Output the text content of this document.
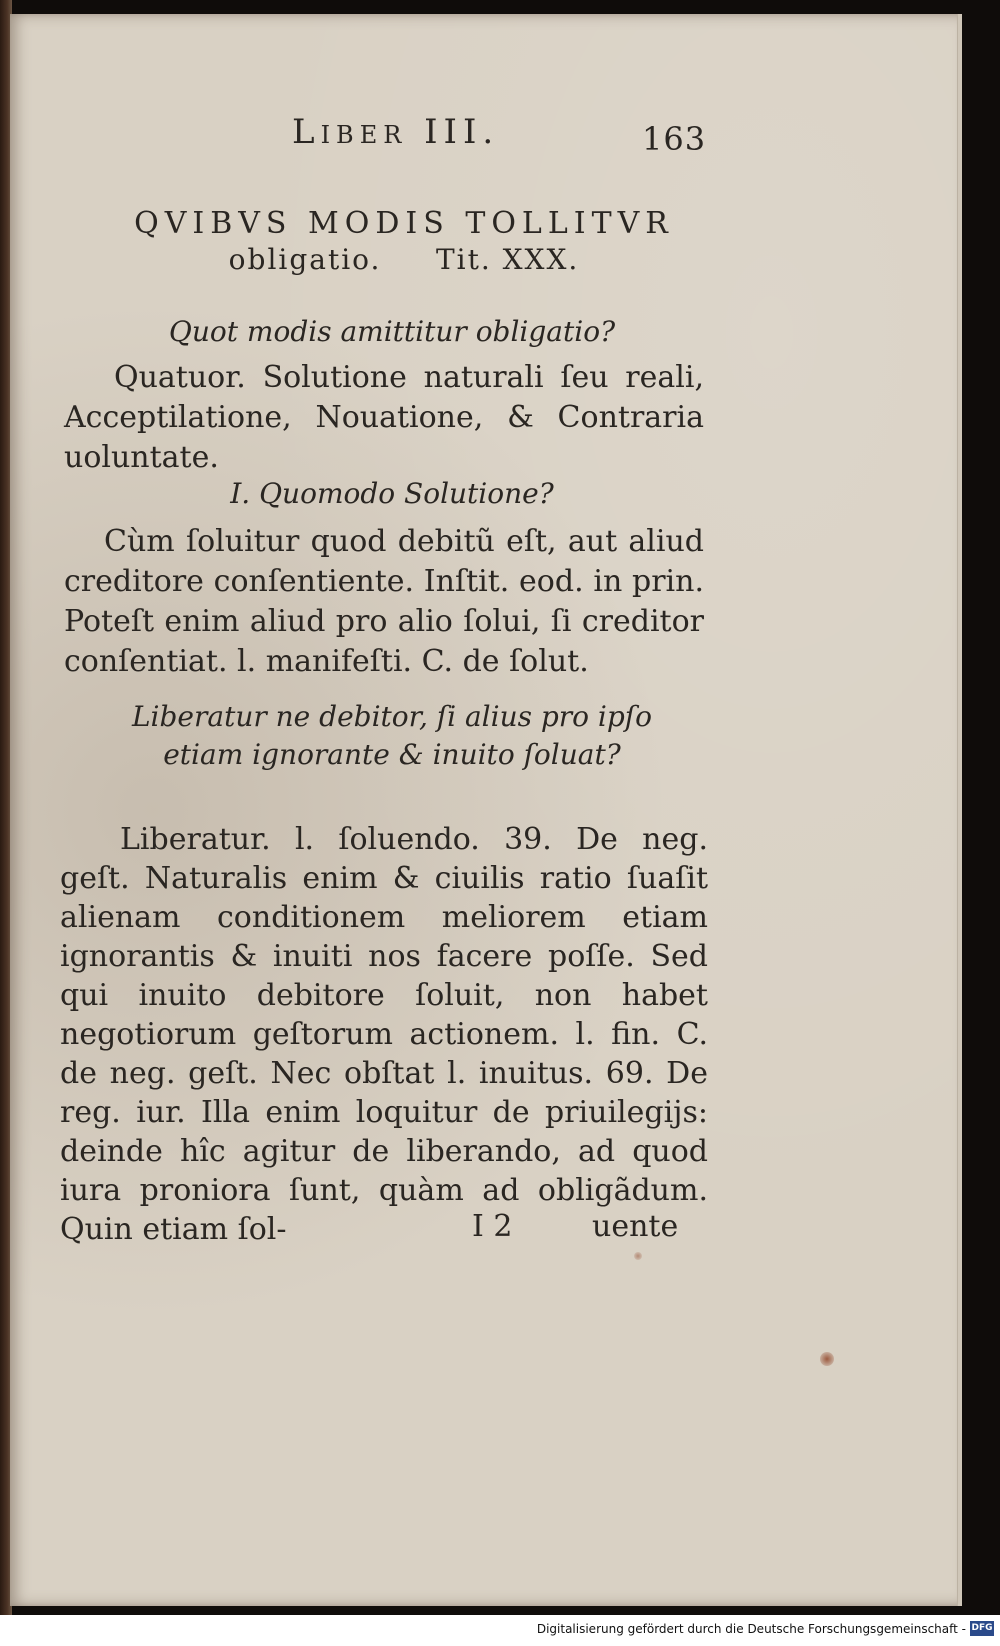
Liber III.	163
QVIBVS MODIS TOLLITVR
obligatio.     Tit. XXX.
Quot modis amittitur obligatio?

Quatuor. Solutione naturali ſeu reali, Acceptilatione, Nouatione, & Contraria uoluntate.

I. Quomodo Solutione?

Cùm ſoluitur quod debitũ eſt, aut aliud creditore conſentiente. Inſtit. eod. in prin. Poteſt enim aliud pro alio ſolui, ſi creditor conſentiat. l. manifeſti. C. de ſolut.

Liberatur ne debitor, ſi alius pro ipſo etiam ignorante & inuito ſoluat?

Liberatur. l. ſoluendo. 39. De neg. geſt. Naturalis enim & ciuilis ratio ſuaſit alienam conditionem meliorem etiam ignorantis & inuiti nos facere poſſe. Sed qui inuito debitore ſoluit, non habet negotiorum geſtorum actionem. l. fin. C. de neg. geſt. Nec obſtat l. inuitus. 69. De reg. iur. Illa enim loquitur de priuilegijs: deinde hîc agitur de liberando, ad quod iura proniora ſunt, quàm ad obligãdum. Quin etiam ſol-	I 2	uente
Digitalisierung gefördert durch die Deutsche Forschungsgemeinschaft - DFG
